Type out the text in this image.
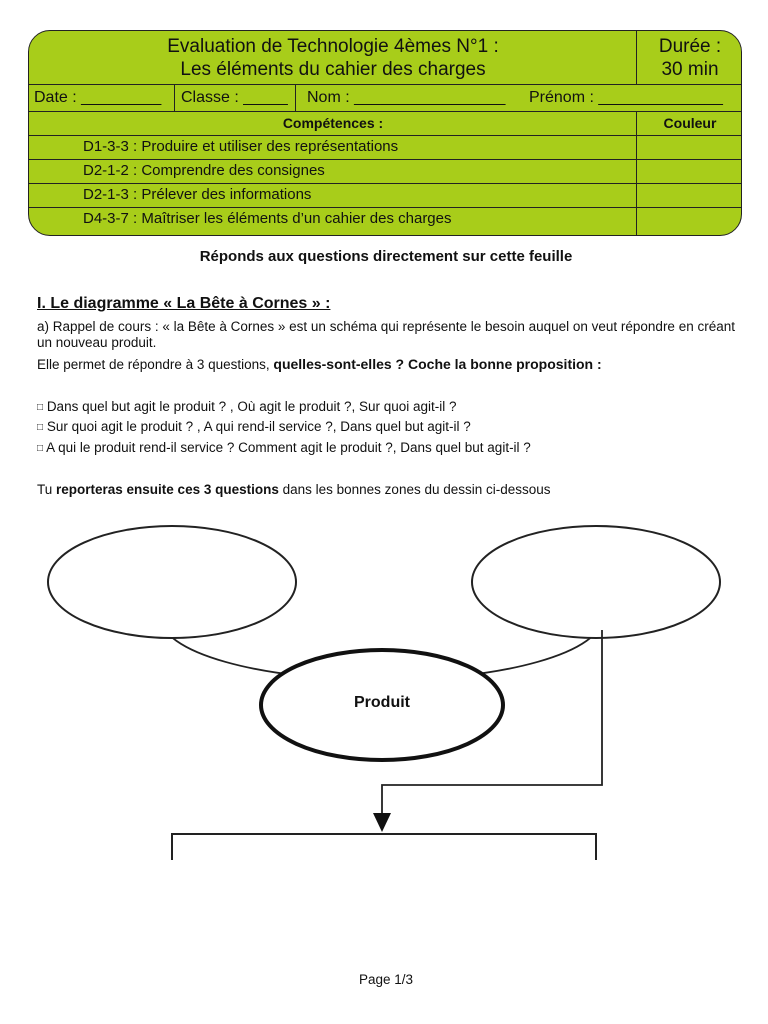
Evaluation de Technologie 4èmes N°1 :
Les éléments du cahier des charges
Durée :
30 min
Date : _________ Classe : _____ Nom : _________________ Prénom : ______________
Compétences :	Couleur
D1-3-3 : Produire et utiliser des représentations
D2-1-2 : Comprendre des consignes
D2-1-3 : Prélever des informations
D4-3-7 : Maîtriser les éléments d’un cahier des charges
Réponds aux questions directement sur cette feuille
I. Le diagramme « La Bête à Cornes » :
a) Rappel de cours : « la Bête à Cornes » est un schéma qui représente le besoin auquel on veut répondre en créant un nouveau produit.
Elle permet de répondre à 3 questions, quelles-sont-elles ? Coche la bonne proposition :
□ Dans quel but agit le produit ? , Où agit le produit ?, Sur quoi agit-il ?
□ Sur quoi agit le produit ? , A qui rend-il service ?, Dans quel but agit-il ?
□ A qui le produit rend-il service ? Comment agit le produit ?, Dans quel but agit-il ?
Tu reporteras ensuite ces 3 questions dans les bonnes zones du dessin ci-dessous
Produit
Page 1/3
